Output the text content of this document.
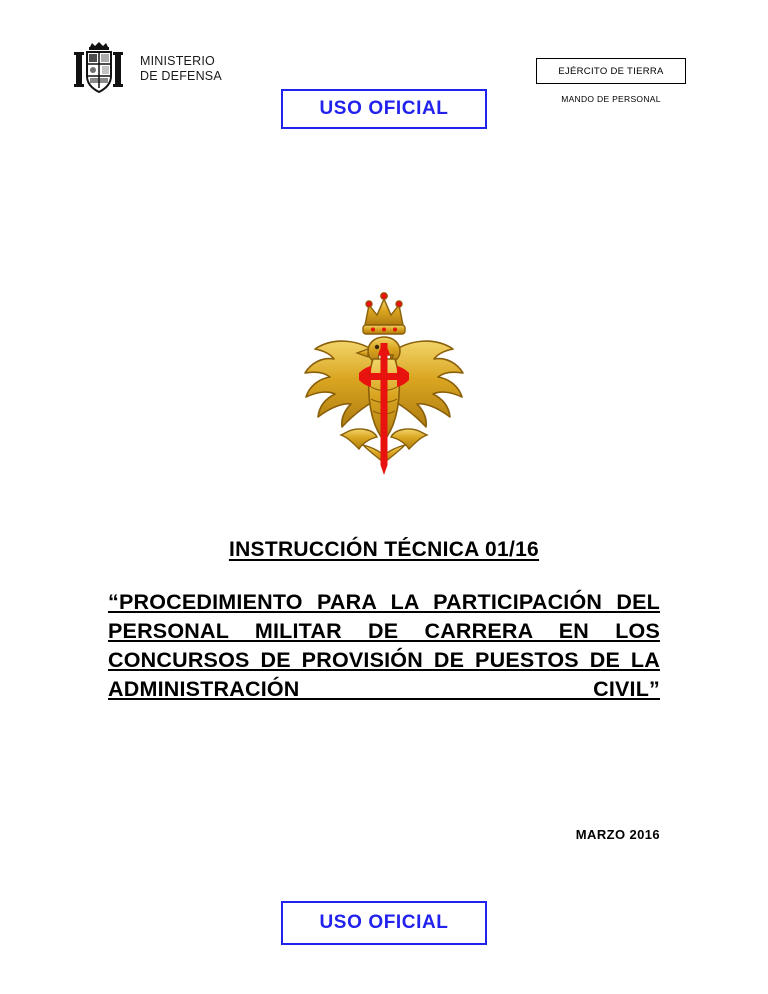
MINISTERIO
DE DEFENSA
USO OFICIAL
EJÉRCITO DE TIERRA
MANDO DE PERSONAL
INSTRUCCIÓN TÉCNICA 01/16
“PROCEDIMIENTO PARA LA PARTICIPACIÓN DEL PERSONAL MILITAR DE CARRERA EN LOS CONCURSOS DE PROVISIÓN DE PUESTOS DE LA ADMINISTRACIÓN CIVIL”
MARZO 2016
USO OFICIAL
